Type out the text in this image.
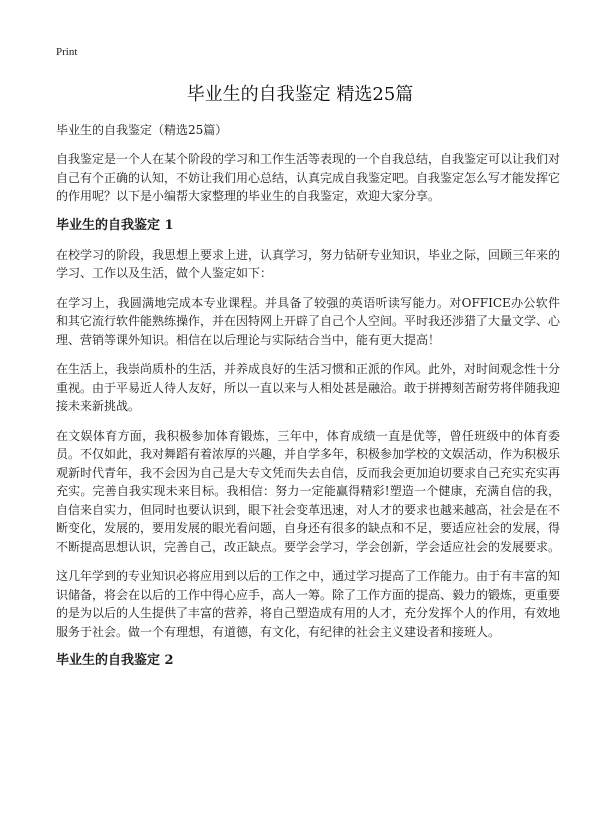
Print
毕业生的自我鉴定 精选25篇
毕业生的自我鉴定（精选25篇）

自我鉴定是一个人在某个阶段的学习和工作生活等表现的一个自我总结，自我鉴定可以让我们对自己有个正确的认知，不妨让我们用心总结，认真完成自我鉴定吧。自我鉴定怎么写才能发挥它的作用呢？以下是小编帮大家整理的毕业生的自我鉴定，欢迎大家分享。

毕业生的自我鉴定 1

在校学习的阶段，我思想上要求上进，认真学习，努力钻研专业知识，毕业之际，回顾三年来的学习、工作以及生活，做个人鉴定如下：

在学习上，我圆满地完成本专业课程。并具备了较强的英语听读写能力。对OFFICE办公软件和其它流行软件能熟练操作，并在因特网上开辟了自己个人空间。平时我还涉猎了大量文学、心理、营销等课外知识。相信在以后理论与实际结合当中，能有更大提高！

在生活上，我崇尚质朴的生活，并养成良好的生活习惯和正派的作风。此外，对时间观念性十分重视。由于平易近人待人友好，所以一直以来与人相处甚是融洽。敢于拼搏刻苦耐劳将伴随我迎接未来新挑战。

在文娱体育方面，我积极参加体育锻炼，三年中，体育成绩一直是优等，曾任班级中的体育委员。不仅如此，我对舞蹈有着浓厚的兴趣，并自学多年，积极参加学校的文娱活动，作为积极乐观新时代青年，我不会因为自己是大专文凭而失去自信，反而我会更加迫切要求自己充实充实再充实。完善自我实现未来目标。我相信：努力一定能赢得精彩!塑造一个健康，充满自信的我，自信来自实力，但同时也要认识到，眼下社会变革迅速，对人才的要求也越来越高，社会是在不断变化，发展的，要用发展的眼光看问题，自身还有很多的缺点和不足，要适应社会的发展，得不断提高思想认识，完善自己，改正缺点。要学会学习，学会创新，学会适应社会的发展要求。

这几年学到的专业知识必将应用到以后的工作之中，通过学习提高了工作能力。由于有丰富的知识储备，将会在以后的工作中得心应手，高人一筹。除了工作方面的提高、毅力的锻炼，更重要的是为以后的人生提供了丰富的营养，将自己塑造成有用的人才，充分发挥个人的作用，有效地服务于社会。做一个有理想，有道德，有文化，有纪律的社会主义建设者和接班人。

毕业生的自我鉴定 2
